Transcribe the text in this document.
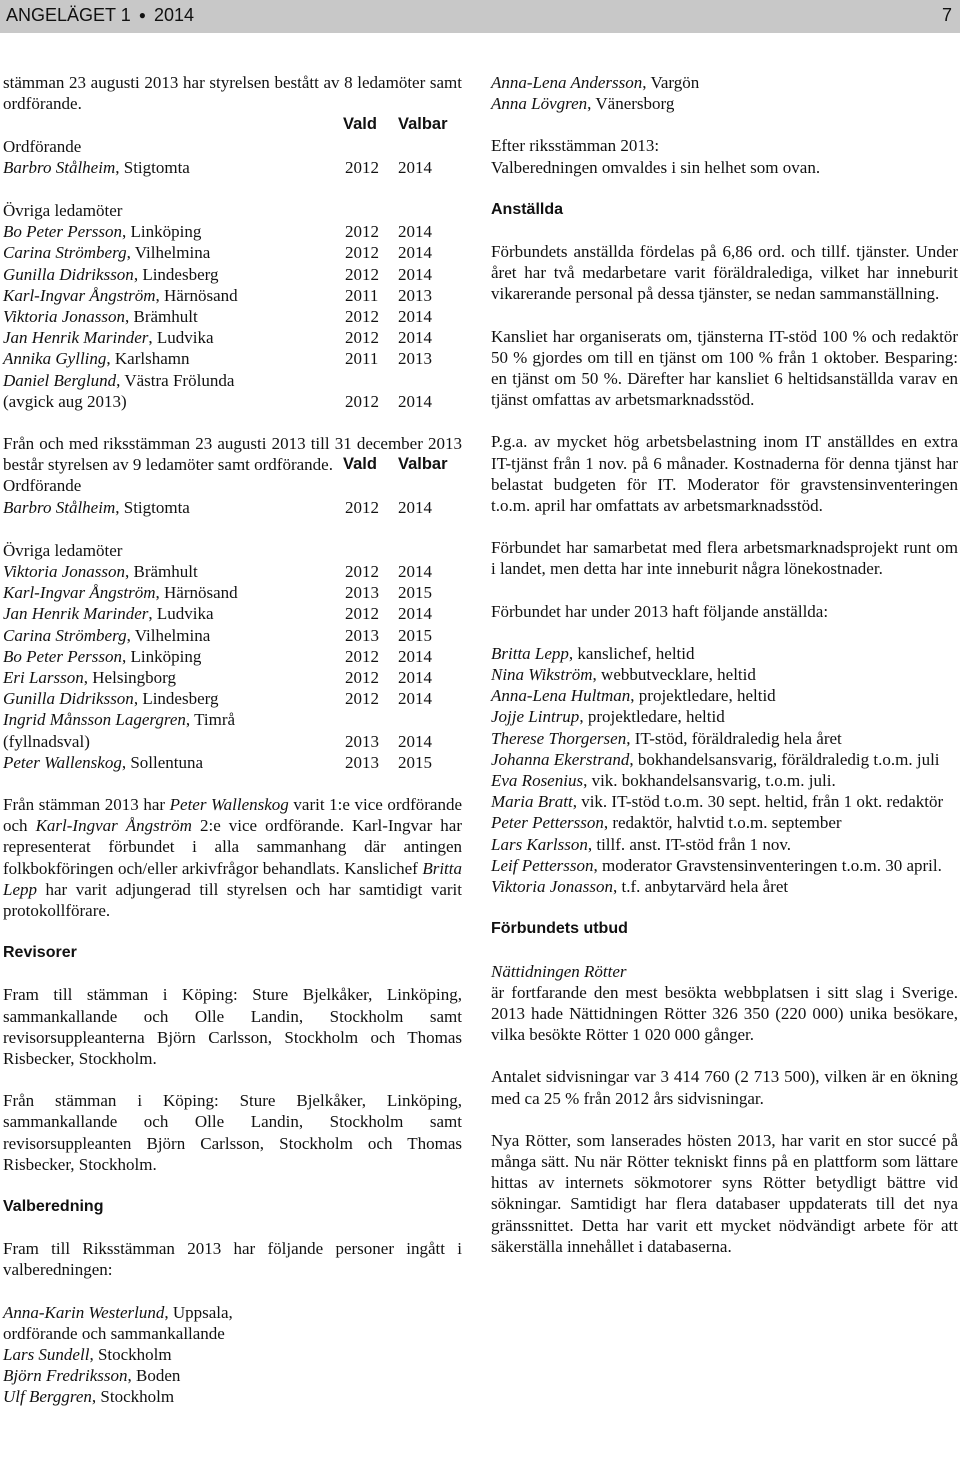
ANGELÄGET 1 ● 2014	7

stämman 23 augusti 2013 har styrelsen bestått av 8 ledamöter samt ordförande.

Vald	Valbar
Ordförande
Barbro Stålheim, Stigtomta	2012	2014
Övriga ledamöter
Bo Peter Persson, Linköping	2012	2014
Carina Strömberg, Vilhelmina	2012	2014
Gunilla Didriksson, Lindesberg	2012	2014
Karl-Ingvar Ångström, Härnösand	2011	2013
Viktoria Jonasson, Brämhult	2012	2014
Jan Henrik Marinder, Ludvika	2012	2014
Annika Gylling, Karlshamn	2011	2013
Daniel Berglund, Västra Frölunda
(avgick aug 2013)	2012	2014

Från och med riksstämman 23 augusti 2013 till 31 december 2013 består styrelsen av 9 ledamöter samt ordförande. Vald	Valbar
Ordförande
Barbro Stålheim, Stigtomta	2012	2014
Övriga ledamöter
Viktoria Jonasson, Brämhult	2012	2014
Karl-Ingvar Ångström, Härnösand	2013	2015
Jan Henrik Marinder, Ludvika	2012	2014
Carina Strömberg, Vilhelmina	2013	2015
Bo Peter Persson, Linköping	2012	2014
Eri Larsson, Helsingborg	2012	2014
Gunilla Didriksson, Lindesberg	2012	2014
Ingrid Månsson Lagergren, Timrå
(fyllnadsval)	2013	2014
Peter Wallenskog, Sollentuna	2013	2015

Från stämman 2013 har Peter Wallenskog varit 1:e vice ordförande och Karl-Ingvar Ångström 2:e vice ordförande. Karl-Ingvar har representerat förbundet i alla sammanhang där antingen folkbokföringen och/eller arkivfrågor behandlats. Kanslichef Britta Lepp har varit adjungerad till styrelsen och har samtidigt varit protokollförare.

Revisorer

Fram till stämman i Köping: Sture Bjelkåker, Linköping, sammankallande och Olle Landin, Stockholm samt revisorsuppleanterna Björn Carlsson, Stockholm och Thomas Risbecker, Stockholm.

Från stämman i Köping: Sture Bjelkåker, Linköping, sammankallande och Olle Landin, Stockholm samt revisorsuppleanten Björn Carlsson, Stockholm och Thomas Risbecker, Stockholm.

Valberedning

Fram till Riksstämman 2013 har följande personer ingått i valberedningen:

Anna-Karin Westerlund, Uppsala,
ordförande och sammankallande
Lars Sundell, Stockholm
Björn Fredriksson, Boden
Ulf Berggren, Stockholm
Anna-Lena Andersson, Vargön
Anna Lövgren, Vänersborg
Efter riksstämman 2013:
Valberedningen omvaldes i sin helhet som ovan.

Anställda

Förbundets anställda fördelas på 6,86 ord. och tillf. tjänster. Under året har två medarbetare varit föräldralediga, vilket har inneburit vikarerande personal på dessa tjänster, se nedan sammanställning.

Kansliet har organiserats om, tjänsterna IT-stöd 100 % och redaktör 50 % gjordes om till en tjänst om 100 % från 1 oktober. Besparing: en tjänst om 50 %. Därefter har kansliet 6 heltidsanställda varav en tjänst omfattas av arbetsmarknadsstöd.

P.g.a. av mycket hög arbetsbelastning inom IT anställdes en extra IT-tjänst från 1 nov. på 6 månader. Kostnaderna för denna tjänst har belastat budgeten för IT. Moderator för gravstensinventeringen t.o.m. april har omfattats av arbetsmarknadsstöd.

Förbundet har samarbetat med flera arbetsmarknadsprojekt runt om i landet, men detta har inte inneburit några lönekostnader.

Förbundet har under 2013 haft följande anställda:

Britta Lepp, kanslichef, heltid

Nina Wikström, webbutvecklare, heltid

Anna-Lena Hultman, projektledare, heltid

Jojje Lintrup, projektledare, heltid

Therese Thorgersen, IT-stöd, föräldraledig hela året

Johanna Ekerstrand, bokhandelsansvarig, föräldraledig t.o.m. juli

Eva Rosenius, vik. bokhandelsansvarig, t.o.m. juli.

Maria Bratt, vik. IT-stöd t.o.m. 30 sept. heltid, från 1 okt. redaktör

Peter Pettersson, redaktör, halvtid t.o.m. september

Lars Karlsson, tillf. anst. IT-stöd från 1 nov.

Leif Pettersson, moderator Gravstensinventeringen t.o.m. 30 april.

Viktoria Jonasson, t.f. anbytarvärd hela året

Förbundets utbud

Nättidningen Rötter

är fortfarande den mest besökta webbplatsen i sitt slag i Sverige. 2013 hade Nättidningen Rötter 326 350 (220 000) unika besökare, vilka besökte Rötter 1 020 000 gånger.

Antalet sidvisningar var 3 414 760 (2 713 500), vilken är en ökning med ca 25 % från 2012 års sidvisningar.

Nya Rötter, som lanserades hösten 2013, har varit en stor succé på många sätt. Nu när Rötter tekniskt finns på en plattform som lättare hittas av internets sökmotorer syns Rötter betydligt bättre vid sökningar. Samtidigt har flera databaser uppdaterats till det nya gränssnittet. Detta har varit ett mycket nödvändigt arbete för att säkerställa innehållet i databaserna.
